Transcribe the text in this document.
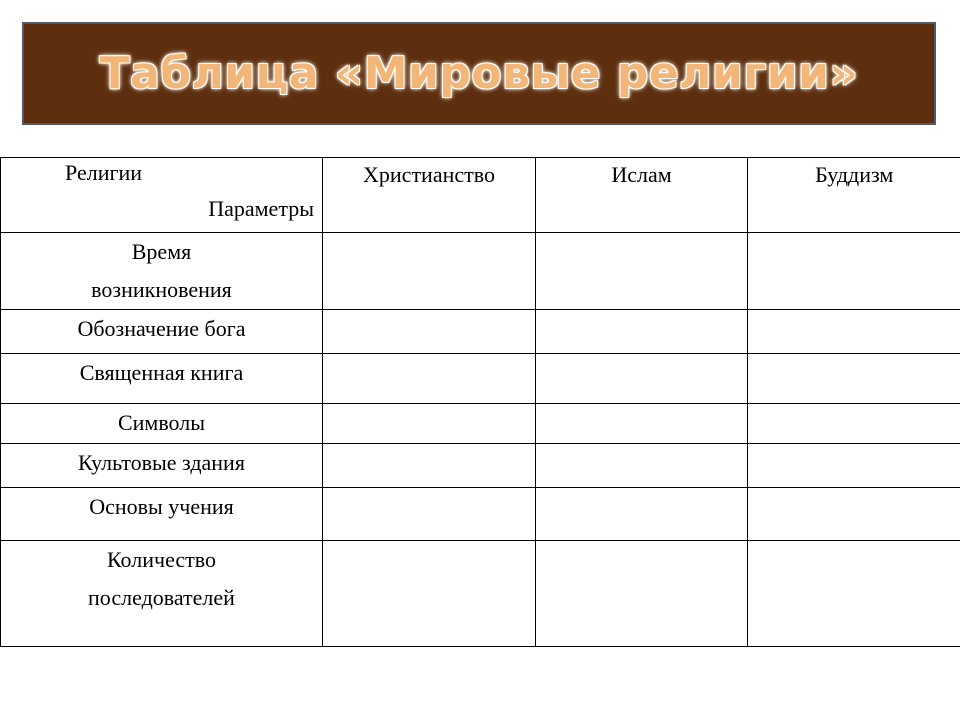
Таблица «Мировые религии»
Религии
Параметры	Христианство	Ислам	Буддизм

Время
возникновения			

Обозначение бога			

Священная книга			

Символы			

Культовые здания			

Основы учения			

Количество
последователей			
